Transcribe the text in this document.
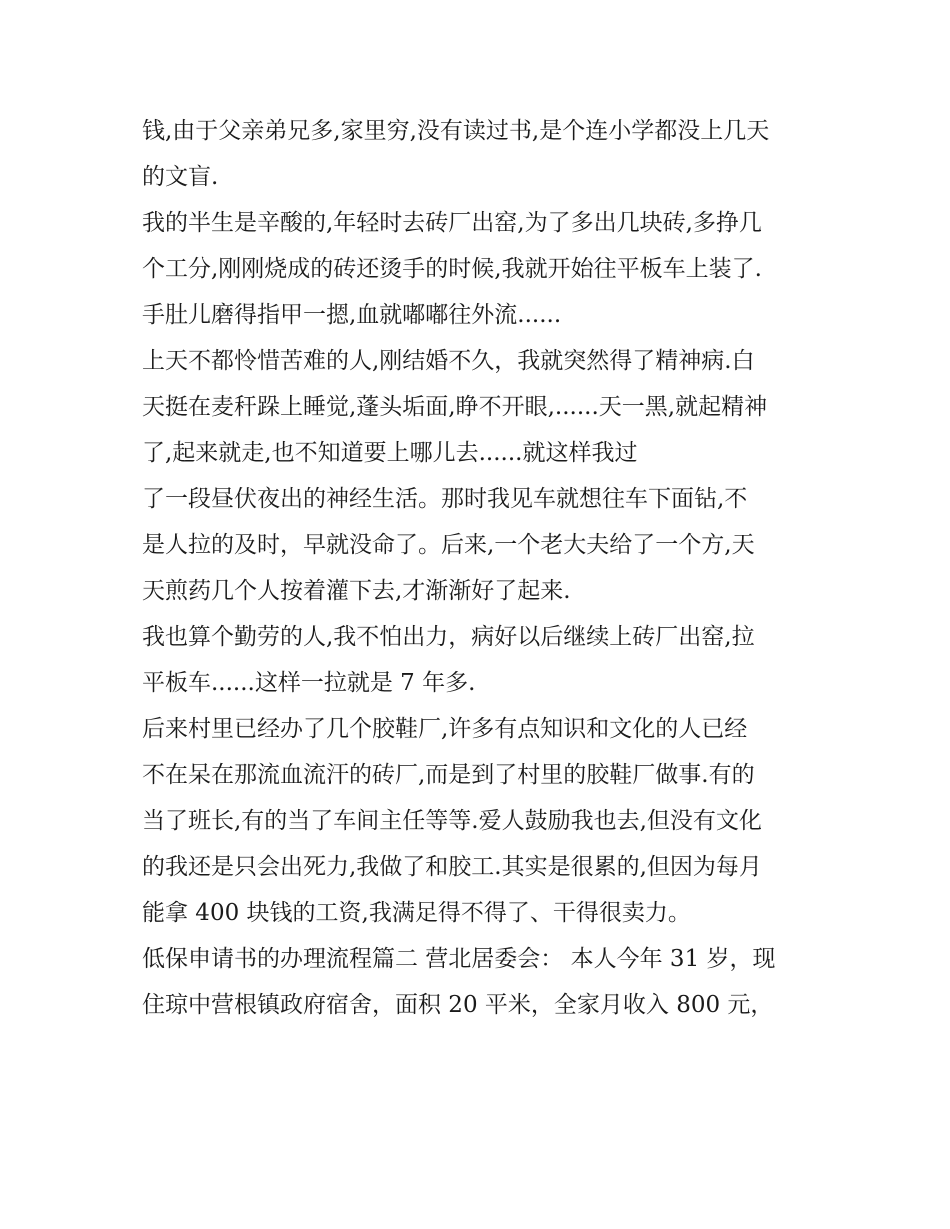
钱,由于父亲弟兄多,家里穷,没有读过书,是个连小学都没上几天
的文盲.
我的半生是辛酸的,年轻时去砖厂出窑,为了多出几块砖,多挣几
个工分,刚刚烧成的砖还烫手的时候,我就开始往平板车上装了.
手肚儿磨得指甲一摁,血就嘟嘟往外流......
上天不都怜惜苦难的人,刚结婚不久，我就突然得了精神病.白
天挺在麦秆跺上睡觉,蓬头垢面,睁不开眼,......天一黑,就起精神
了,起来就走,也不知道要上哪儿去......就这样我过
了一段昼伏夜出的神经生活。那时我见车就想往车下面钻,不
是人拉的及时，早就没命了。后来,一个老大夫给了一个方,天
天煎药几个人按着灌下去,才渐渐好了起来.
我也算个勤劳的人,我不怕出力，病好以后继续上砖厂出窑,拉
平板车......这样一拉就是 7 年多.
后来村里已经办了几个胶鞋厂,许多有点知识和文化的人已经
不在呆在那流血流汗的砖厂,而是到了村里的胶鞋厂做事.有的
当了班长,有的当了车间主任等等.爱人鼓励我也去,但没有文化
的我还是只会出死力,我做了和胶工.其实是很累的,但因为每月
能拿 400 块钱的工资,我满足得不得了、干得很卖力。
低保申请书的办理流程篇二 营北居委会： 本人今年 31 岁，现
住琼中营根镇政府宿舍，面积 20 平米，全家月收入 800 元，
